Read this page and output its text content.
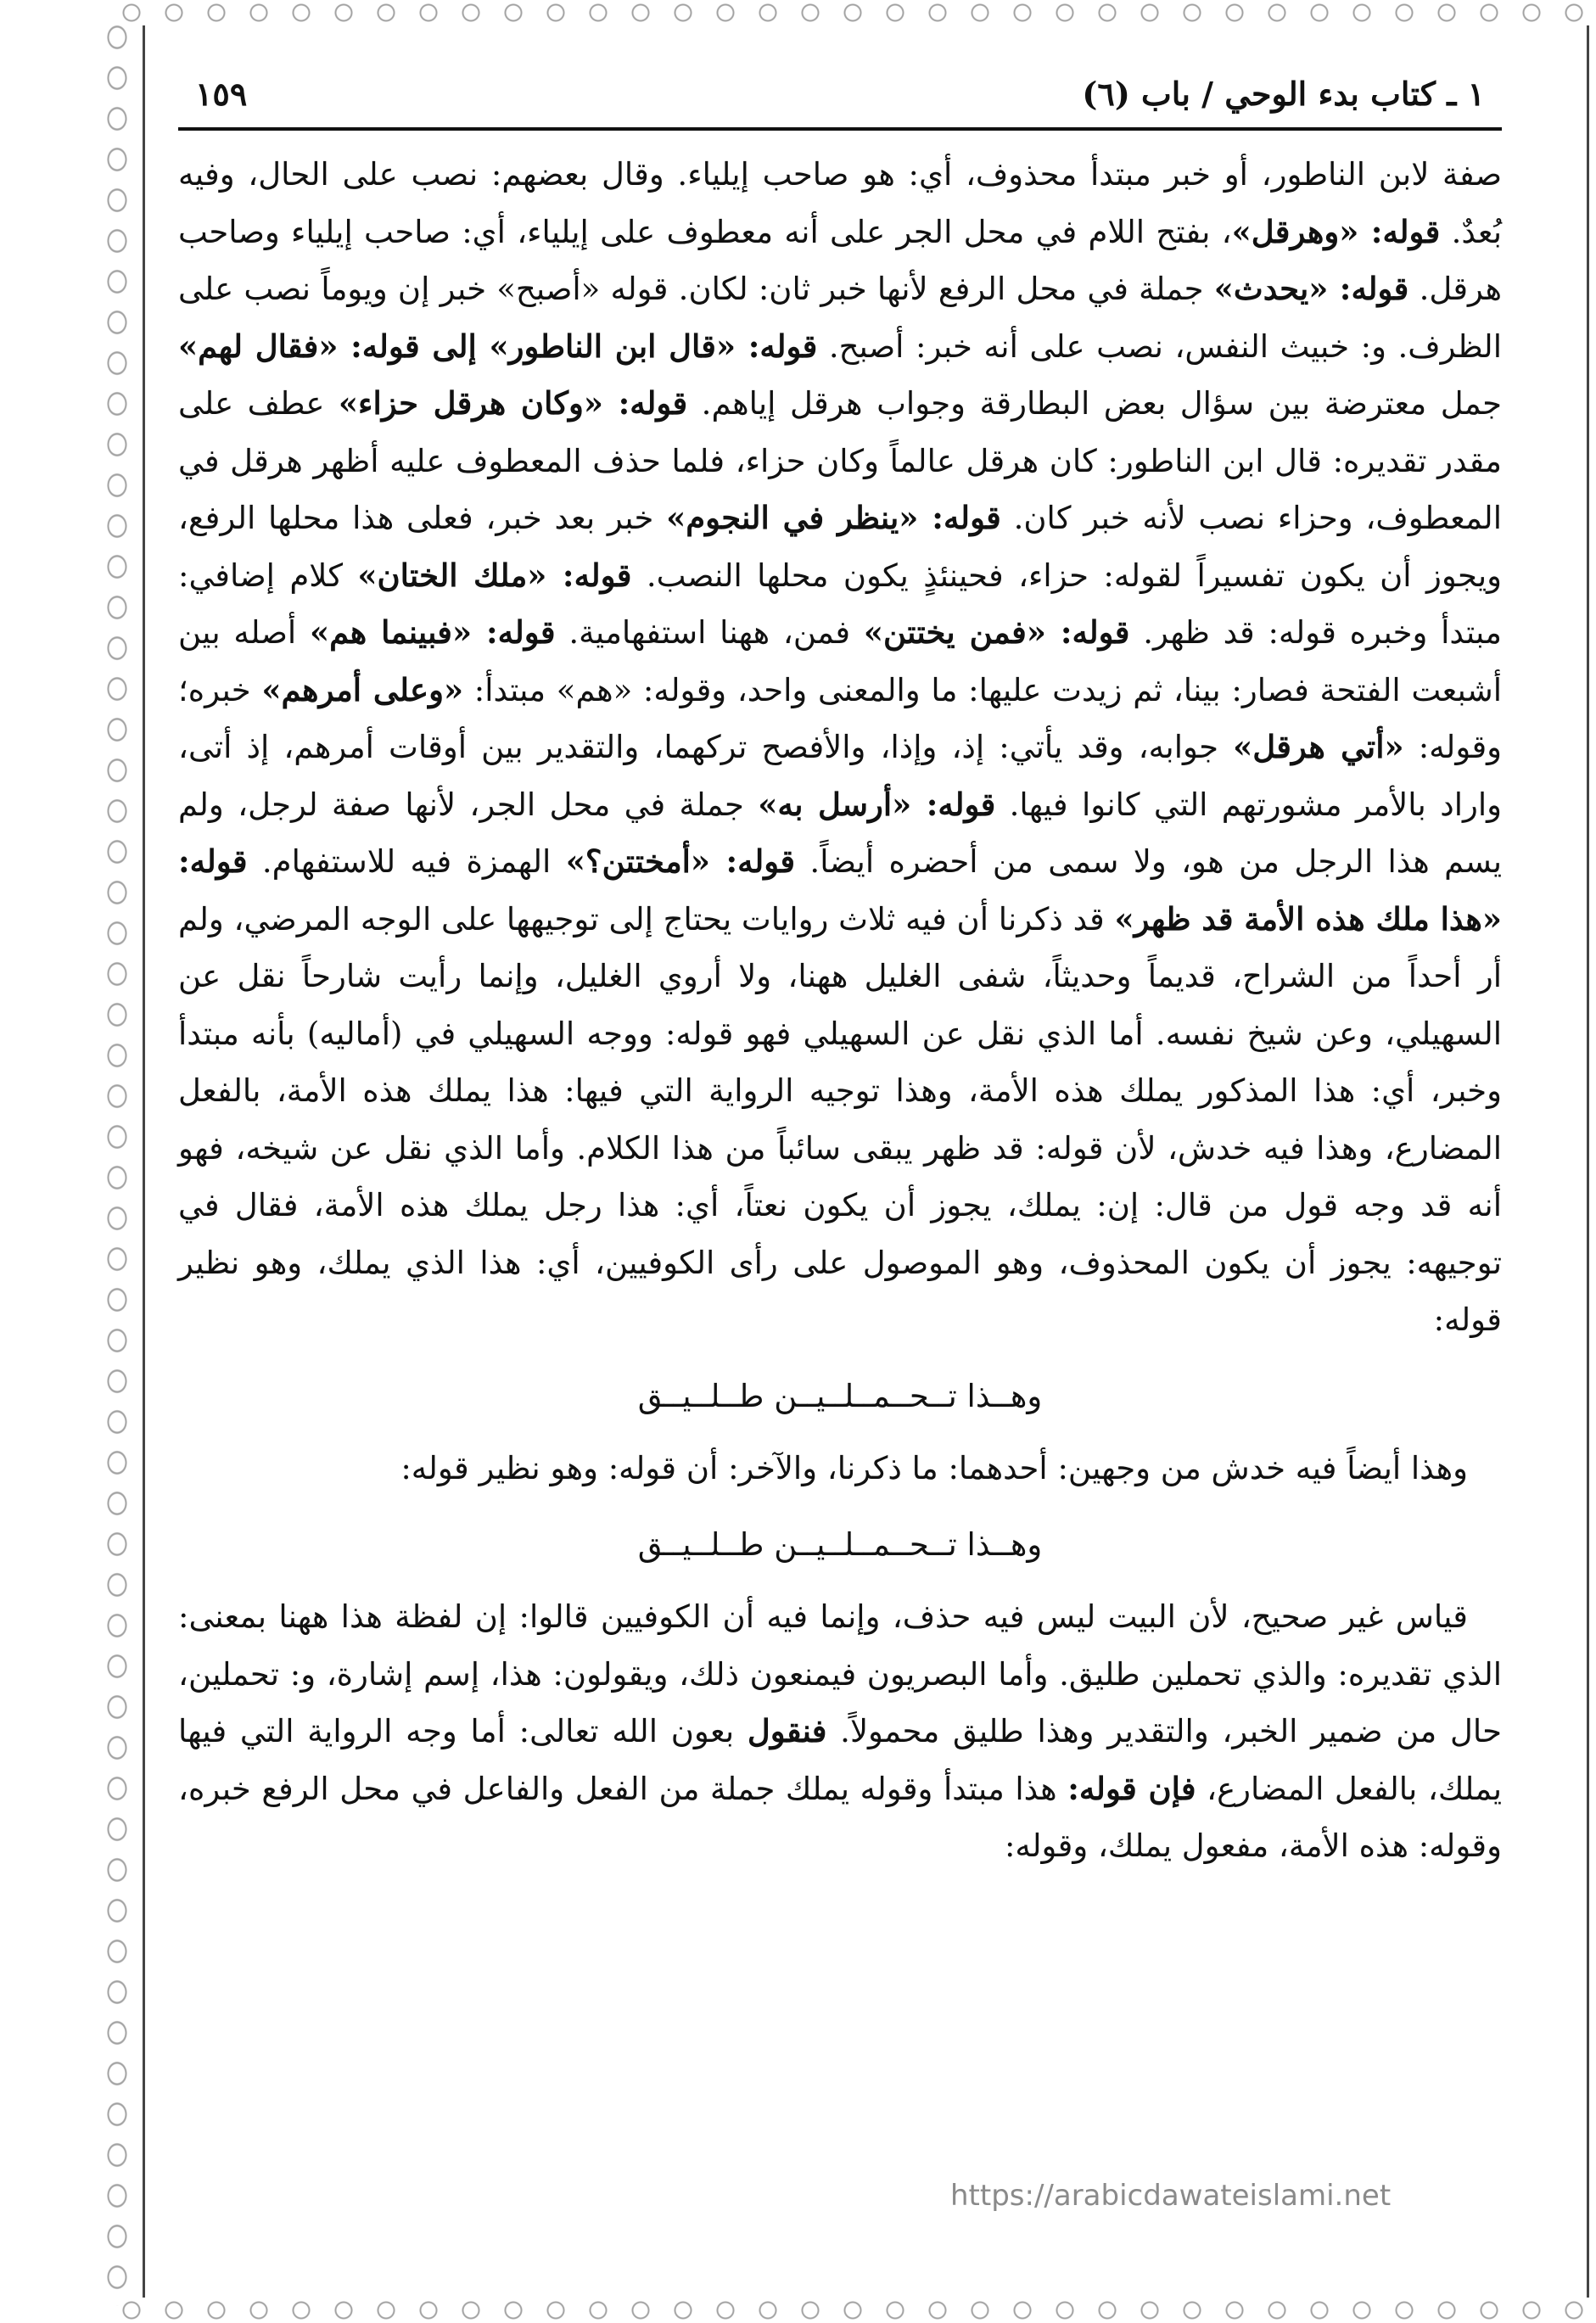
١ ـ كتاب بدء الوحي / باب (٦)
١٥٩

صفة لابن الناطور، أو خبر مبتدأ محذوف، أي: هو صاحب إيلياء. وقال بعضهم: نصب على الحال، وفيه بُعدٌ. قوله: «وهرقل»، بفتح اللام في محل الجر على أنه معطوف على إيلياء، أي: صاحب إيلياء وصاحب هرقل. قوله: «يحدث» جملة في محل الرفع لأنها خبر ثان: لكان. قوله «أصبح» خبر إن ويوماً نصب على الظرف. و: خبيث النفس، نصب على أنه خبر: أصبح. قوله: «قال ابن الناطور» إلى قوله: «فقال لهم» جمل معترضة بين سؤال بعض البطارقة وجواب هرقل إياهم. قوله: «وكان هرقل حزاء» عطف على مقدر تقديره: قال ابن الناطور: كان هرقل عالماً وكان حزاء، فلما حذف المعطوف عليه أظهر هرقل في المعطوف، وحزاء نصب لأنه خبر كان. قوله: «ينظر في النجوم» خبر بعد خبر، فعلى هذا محلها الرفع، ويجوز أن يكون تفسيراً لقوله: حزاء، فحينئذٍ يكون محلها النصب. قوله: «ملك الختان» كلام إضافي: مبتدأ وخبره قوله: قد ظهر. قوله: «فمن يختتن» فمن، ههنا استفهامية. قوله: «فبينما هم» أصله بين أشبعت الفتحة فصار: بينا، ثم زيدت عليها: ما والمعنى واحد، وقوله: «هم» مبتدأ: «وعلى أمرهم» خبره؛ وقوله: «أتي هرقل» جوابه، وقد يأتي: إذ، وإذا، والأفصح تركهما، والتقدير بين أوقات أمرهم، إذ أتى، واراد بالأمر مشورتهم التي كانوا فيها. قوله: «أرسل به» جملة في محل الجر، لأنها صفة لرجل، ولم يسم هذا الرجل من هو، ولا سمى من أحضره أيضاً. قوله: «أمختتن؟» الهمزة فيه للاستفهام. قوله: «هذا ملك هذه الأمة قد ظهر» قد ذكرنا أن فيه ثلاث روايات يحتاج إلى توجيهها على الوجه المرضي، ولم أر أحداً من الشراح، قديماً وحديثاً، شفى الغليل ههنا، ولا أروي الغليل، وإنما رأيت شارحاً نقل عن السهيلي، وعن شيخ نفسه. أما الذي نقل عن السهيلي فهو قوله: ووجه السهيلي في (أماليه) بأنه مبتدأ وخبر، أي: هذا المذكور يملك هذه الأمة، وهذا توجيه الرواية التي فيها: هذا يملك هذه الأمة، بالفعل المضارع، وهذا فيه خدش، لأن قوله: قد ظهر يبقى سائباً من هذا الكلام. وأما الذي نقل عن شيخه، فهو أنه قد وجه قول من قال: إن: يملك، يجوز أن يكون نعتاً، أي: هذا رجل يملك هذه الأمة، فقال في توجيهه: يجوز أن يكون المحذوف، وهو الموصول على رأى الكوفيين، أي: هذا الذي يملك، وهو نظير قوله:

وهــذا تــحــمــلــيــن طــلــيــق

وهذا أيضاً فيه خدش من وجهين: أحدهما: ما ذكرنا، والآخر: أن قوله: وهو نظير قوله:

وهــذا تــحــمــلــيــن طــلــيــق

قياس غير صحيح، لأن البيت ليس فيه حذف، وإنما فيه أن الكوفيين قالوا: إن لفظة هذا ههنا بمعنى: الذي تقديره: والذي تحملين طليق. وأما البصريون فيمنعون ذلك، ويقولون: هذا، إسم إشارة، و: تحملين، حال من ضمير الخبر، والتقدير وهذا طليق محمولاً. فنقول بعون الله تعالى: أما وجه الرواية التي فيها يملك، بالفعل المضارع، فإن قوله: هذا مبتدأ وقوله يملك جملة من الفعل والفاعل في محل الرفع خبره، وقوله: هذه الأمة، مفعول يملك، وقوله:

https://arabicdawateislami.net
